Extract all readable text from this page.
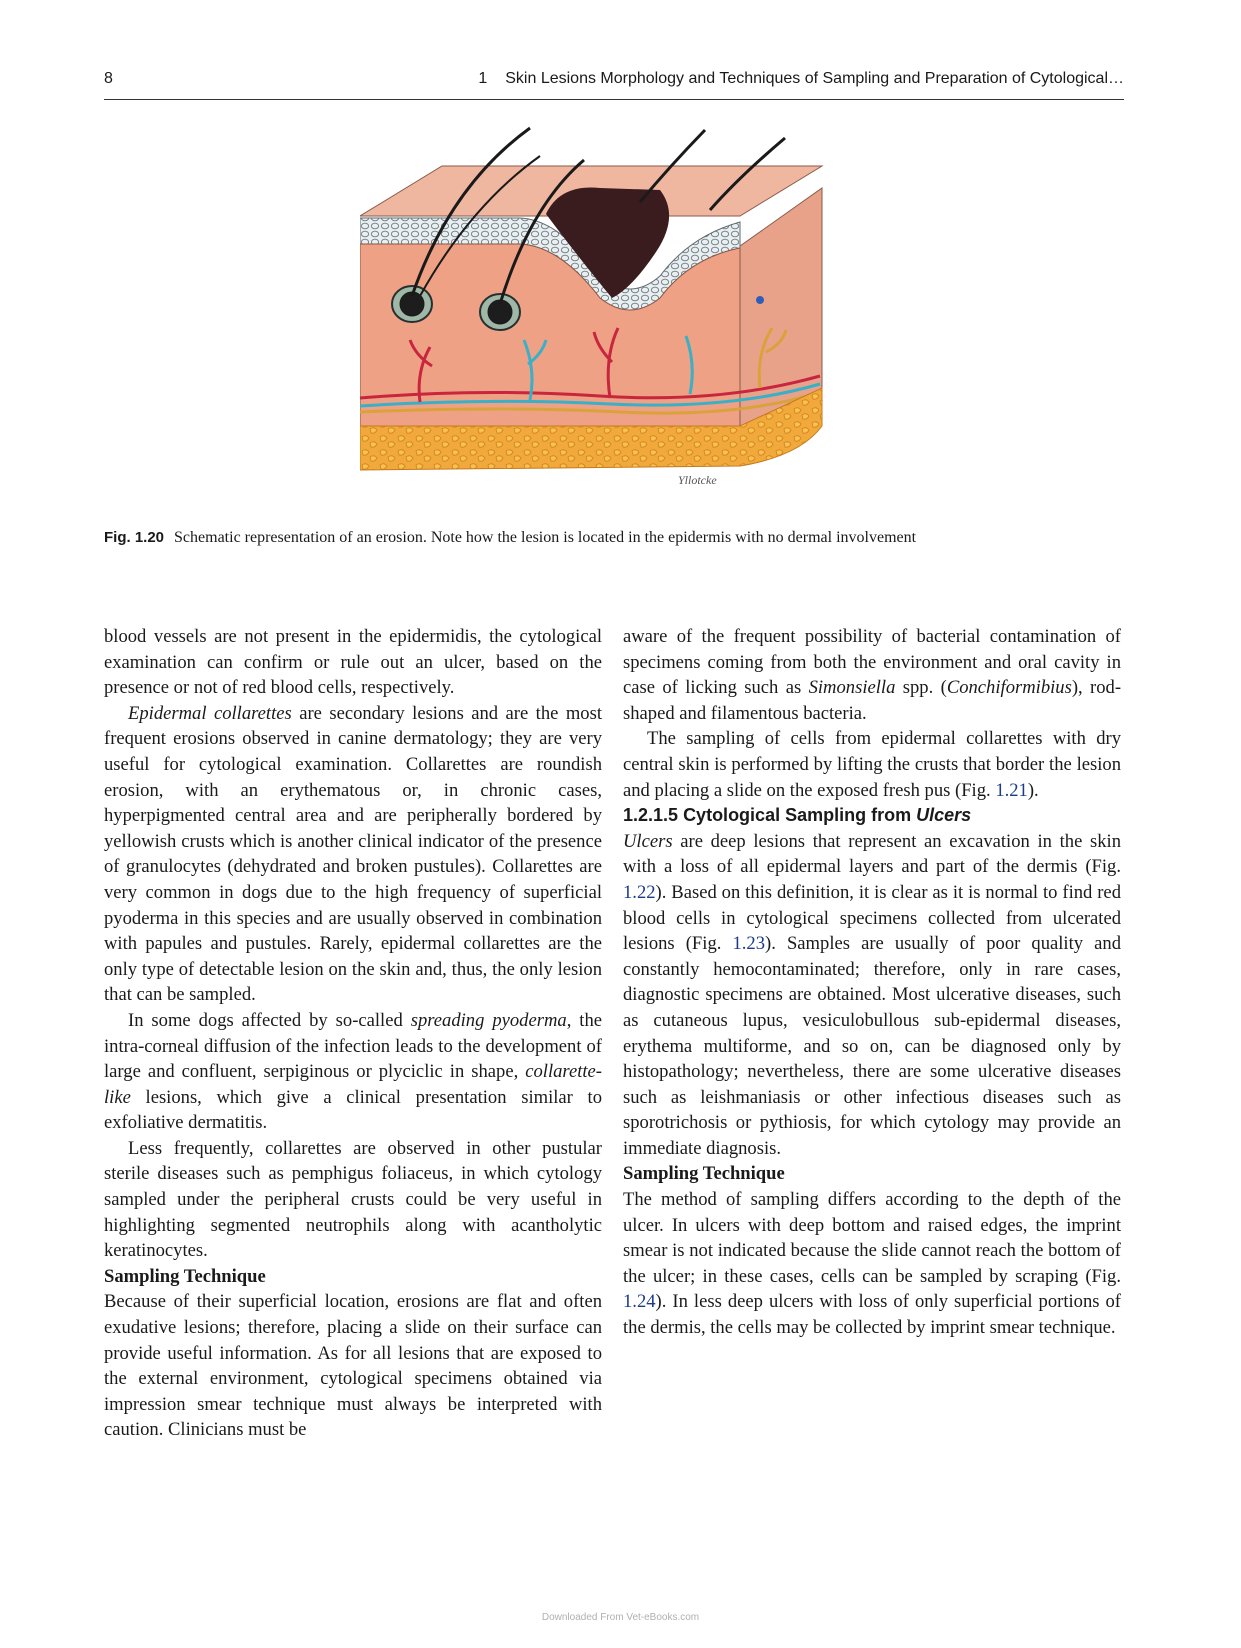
8	1 Skin Lesions Morphology and Techniques of Sampling and Preparation of Cytological…
Yllotcke
Fig. 1.20 Schematic representation of an erosion. Note how the lesion is located in the epidermis with no dermal involvement

blood vessels are not present in the epidermidis, the cytological examination can confirm or rule out an ulcer, based on the presence or not of red blood cells, respectively.

Epidermal collarettes are secondary lesions and are the most frequent erosions observed in canine dermatology; they are very useful for cytological examination. Collarettes are roundish erosion, with an erythematous or, in chronic cases, hyperpigmented central area and are peripherally bordered by yellowish crusts which is another clinical indicator of the presence of granulocytes (dehydrated and broken pustules). Collarettes are very common in dogs due to the high frequency of superficial pyoderma in this species and are usually observed in combination with papules and pustules. Rarely, epidermal collarettes are the only type of detectable lesion on the skin and, thus, the only lesion that can be sampled.

In some dogs affected by so-called spreading pyoderma, the intra-corneal diffusion of the infection leads to the development of large and confluent, serpiginous or plyciclic in shape, collarette-like lesions, which give a clinical presentation similar to exfoliative dermatitis.

Less frequently, collarettes are observed in other pustular sterile diseases such as pemphigus foliaceus, in which cytology sampled under the peripheral crusts could be very useful in highlighting segmented neutrophils along with acantholytic keratinocytes.

Sampling Technique

Because of their superficial location, erosions are flat and often exudative lesions; therefore, placing a slide on their surface can provide useful information. As for all lesions that are exposed to the external environment, cytological specimens obtained via impression smear technique must always be interpreted with caution. Clinicians must be

aware of the frequent possibility of bacterial contamination of specimens coming from both the environment and oral cavity in case of licking such as Simonsiella spp. (Conchiformibius), rod-shaped and filamentous bacteria.

The sampling of cells from epidermal collarettes with dry central skin is performed by lifting the crusts that border the lesion and placing a slide on the exposed fresh pus (Fig. 1.21).

1.2.1.5 Cytological Sampling from Ulcers

Ulcers are deep lesions that represent an excavation in the skin with a loss of all epidermal layers and part of the dermis (Fig. 1.22). Based on this definition, it is clear as it is normal to find red blood cells in cytological specimens collected from ulcerated lesions (Fig. 1.23). Samples are usually of poor quality and constantly hemocontaminated; therefore, only in rare cases, diagnostic specimens are obtained. Most ulcerative diseases, such as cutaneous lupus, vesiculobullous sub-epidermal diseases, erythema multiforme, and so on, can be diagnosed only by histopathology; nevertheless, there are some ulcerative diseases such as leishmaniasis or other infectious diseases such as sporotrichosis or pythiosis, for which cytology may provide an immediate diagnosis.

Sampling Technique

The method of sampling differs according to the depth of the ulcer. In ulcers with deep bottom and raised edges, the imprint smear is not indicated because the slide cannot reach the bottom of the ulcer; in these cases, cells can be sampled by scraping (Fig. 1.24). In less deep ulcers with loss of only superficial portions of the dermis, the cells may be collected by imprint smear technique.

Downloaded From Vet-eBooks.com
